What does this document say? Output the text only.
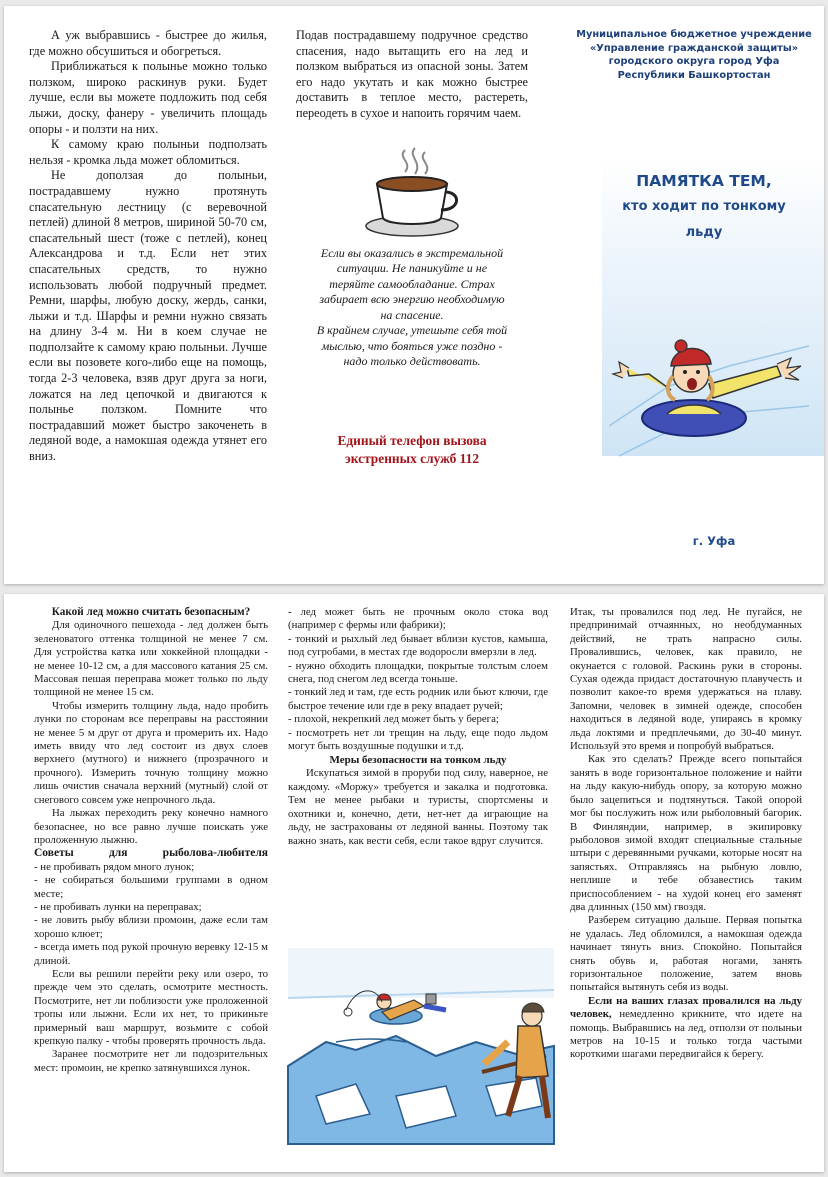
А уж выбравшись - быстрее до жилья, где можно обсушиться и обогреться.
Приближаться к полынье можно только ползком, широко раскинув руки. Будет лучше, если вы можете подложить под себя лыжи, доску, фанеру - увеличить площадь опоры - и ползти на них.
К самому краю полыньи подползать нельзя - кромка льда может обломиться.
Не доползая до полыньи, пострадавшему нужно протянуть спасательную лестницу (с веревочной петлей) длиной 8 метров, шириной 50-70 см, спасательный шест (тоже с петлей), конец Александрова и т.д. Если нет этих спасательных средств, то нужно использовать любой подручный предмет. Ремни, шарфы, любую доску, жердь, санки, лыжи и т.д. Шарфы и ремни нужно связать на длину 3-4 м. Ни в коем случае не подползайте к самому краю полыньи. Лучше если вы позовете кого-либо еще на помощь, тогда 2-3 человека, взяв друг друга за ноги, ложатся на лед цепочкой и двигаются к полынье ползком. Помните что пострадавший может быстро закоченеть в ледяной воде, а намокшая одежда утянет его вниз.
Подав пострадавшему подручное средство спасения, надо вытащить его на лед и ползком выбраться из опасной зоны. Затем его надо укутать и как можно быстрее доставить в теплое место, растереть, переодеть в сухое и напоить горячим чаем.
Если вы оказались в экстремальной
ситуации. Не паникуйте и не
теряйте самообладание. Страх
забирает всю энергию необходимую
на спасение.
В крайнем случае, утешьте себя той
мыслью, что бояться уже поздно -
надо только действовать.
Единый телефон вызова
экстренных служб 112
Муниципальное бюджетное учреждение
«Управление гражданской защиты»
городского округа город Уфа
Республики Башкортостан
ПАМЯТКА ТЕМ,
кто ходит по тонкому
льду
г. Уфа
Какой лед можно считать безопасным?
Для одиночного пешехода - лед должен быть зеленоватого оттенка толщиной не менее 7 см. Для устройства катка или хоккейной площадки - не менее 10-12 см, а для массового катания 25 см. Массовая пешая переправа может только по льду толщиной не менее 15 см.
Чтобы измерить толщину льда, надо пробить лунки по сторонам все переправы на расстоянии не менее 5 м друг от друга и промерить их. Надо иметь ввиду что лед состоит из двух слоев верхнего (мутного) и нижнего (прозрачного и прочного). Измерить точную толщину можно лишь очистив сначала верхний (мутный) слой от снегового совсем уже непрочного льда.
На лыжах переходить реку конечно намного безопаснее, но все равно лучше поискать уже проложенную лыжню.
Советы для рыболова-любителя
- не пробивать рядом много лунок;
- не собираться большими группами в одном месте;
- не пробивать лунки на переправах;
- не ловить рыбу вблизи промоин, даже если там хорошо клюет;
- всегда иметь под рукой прочную веревку 12-15 м длиной.
Если вы решили перейти реку или озеро, то прежде чем это сделать, осмотрите местность. Посмотрите, нет ли поблизости уже проложенной тропы или лыжни. Если их нет, то прикиньте примерный ваш маршрут, возьмите с собой крепкую палку - чтобы проверять прочность льда.
Заранее посмотрите нет ли подозрительных мест: промоин, не крепко затянувшихся лунок.
- лед может быть не прочным около стока вод (например с фермы или фабрики);
- тонкий и рыхлый лед бывает вблизи кустов, камыша, под сугробами, в местах где водоросли вмерзли в лед.
- нужно обходить площадки, покрытые толстым слоем снега, под снегом лед всегда тоньше.
- тонкий лед и там, где есть родник или бьют ключи, где быстрое течение или где в реку впадает ручей;
- плохой, некрепкий лед может быть у берега;
- посмотреть нет ли трещин на льду, еще подо льдом могут быть воздушные подушки и т.д.
Меры безопасности на тонком льду
Искупаться зимой в проруби под силу, наверное, не каждому. «Моржу» требуется и закалка и подготовка. Тем не менее рыбаки и туристы, спортсмены и охотники и, конечно, дети, нет-нет да играющие на льду, не застрахованы от ледяной ванны. Поэтому так важно знать, как вести себя, если такое вдруг случится.
Итак, ты провалился под лед. Не пугайся, не предпринимай отчаянных, но необдуманных действий, не трать напрасно силы. Провалившись, человек, как правило, не окунается с головой. Раскинь руки в стороны. Сухая одежда придаст достаточную плавучесть и позволит какое-то время удержаться на плаву. Запомни, человек в зимней одежде, способен находиться в ледяной воде, упираясь в кромку льда локтями и предплечьями, до 30-40 минут. Используй это время и попробуй выбраться.
Как это сделать? Прежде всего попытайся занять в воде горизонтальное положение и найти на льду какую-нибудь опору, за которую можно было зацепиться и подтянуться. Такой опорой мог бы послужить нож или рыболовный багорик. В Финляндии, например, в экипировку рыболовов зимой входят специальные стальные штыри с деревянными ручками, которые носят на запястьях. Отправляясь на рыбную ловлю, неплише и тебе обзавестись таким приспособлением - на худой конец его заменят два длинных (150 мм) гвоздя.
Разберем ситуацию дальше. Первая попытка не удалась. Лед обломился, а намокшая одежда начинает тянуть вниз. Спокойно. Попытайся снять обувь и, работая ногами, занять горизонтальное положение, затем вновь попытайся вытянуть себя из воды.
Если на ваших глазах провалился на льду человек, немедленно крикните, что идете на помощь. Выбравшись на лед, отползи от полыньи метров на 10-15 и только тогда частыми короткими шагами передвигайся к берегу.
